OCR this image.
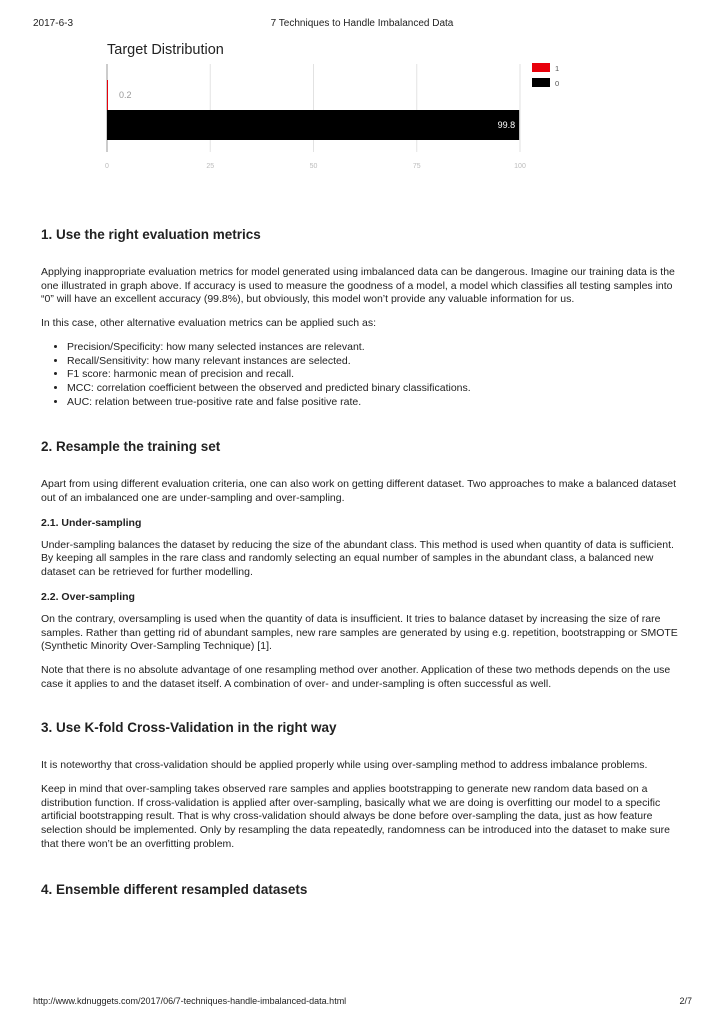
2017-6-3	7 Techniques to Handle Imbalanced Data
Target Distribution
0.2
99.8
0	25	50	75	100
1
0
1. Use the right evaluation metrics

Applying inappropriate evaluation metrics for model generated using imbalanced data can be dangerous. Imagine our training data is the one illustrated in graph above. If accuracy is used to measure the goodness of a model, a model which classifies all testing samples into “0” will have an excellent accuracy (99.8%), but obviously, this model won’t provide any valuable information for us.

In this case, other alternative evaluation metrics can be applied such as:

• Precision/Specificity: how many selected instances are relevant.
• Recall/Sensitivity: how many relevant instances are selected.
• F1 score: harmonic mean of precision and recall.
• MCC: correlation coefficient between the observed and predicted binary classifications.
• AUC: relation between true-positive rate and false positive rate.
2. Resample the training set

Apart from using different evaluation criteria, one can also work on getting different dataset. Two approaches to make a balanced dataset out of an imbalanced one are under-sampling and over-sampling.

2.1. Under-sampling

Under-sampling balances the dataset by reducing the size of the abundant class. This method is used when quantity of data is sufficient. By keeping all samples in the rare class and randomly selecting an equal number of samples in the abundant class, a balanced new dataset can be retrieved for further modelling.

2.2. Over-sampling

On the contrary, oversampling is used when the quantity of data is insufficient. It tries to balance dataset by increasing the size of rare samples. Rather than getting rid of abundant samples, new rare samples are generated by using e.g. repetition, bootstrapping or SMOTE (Synthetic Minority Over-Sampling Technique) [1].

Note that there is no absolute advantage of one resampling method over another. Application of these two methods depends on the use case it applies to and the dataset itself. A combination of over- and under-sampling is often successful as well.

3. Use K-fold Cross-Validation in the right way

It is noteworthy that cross-validation should be applied properly while using over-sampling method to address imbalance problems.

Keep in mind that over-sampling takes observed rare samples and applies bootstrapping to generate new random data based on a distribution function. If cross-validation is applied after over-sampling, basically what we are doing is overfitting our model to a specific artificial bootstrapping result. That is why cross-validation should always be done before over-sampling the data, just as how feature selection should be implemented. Only by resampling the data repeatedly, randomness can be introduced into the dataset to make sure that there won’t be an overfitting problem.

4. Ensemble different resampled datasets
http://www.kdnuggets.com/2017/06/7-techniques-handle-imbalanced-data.html	2/7
